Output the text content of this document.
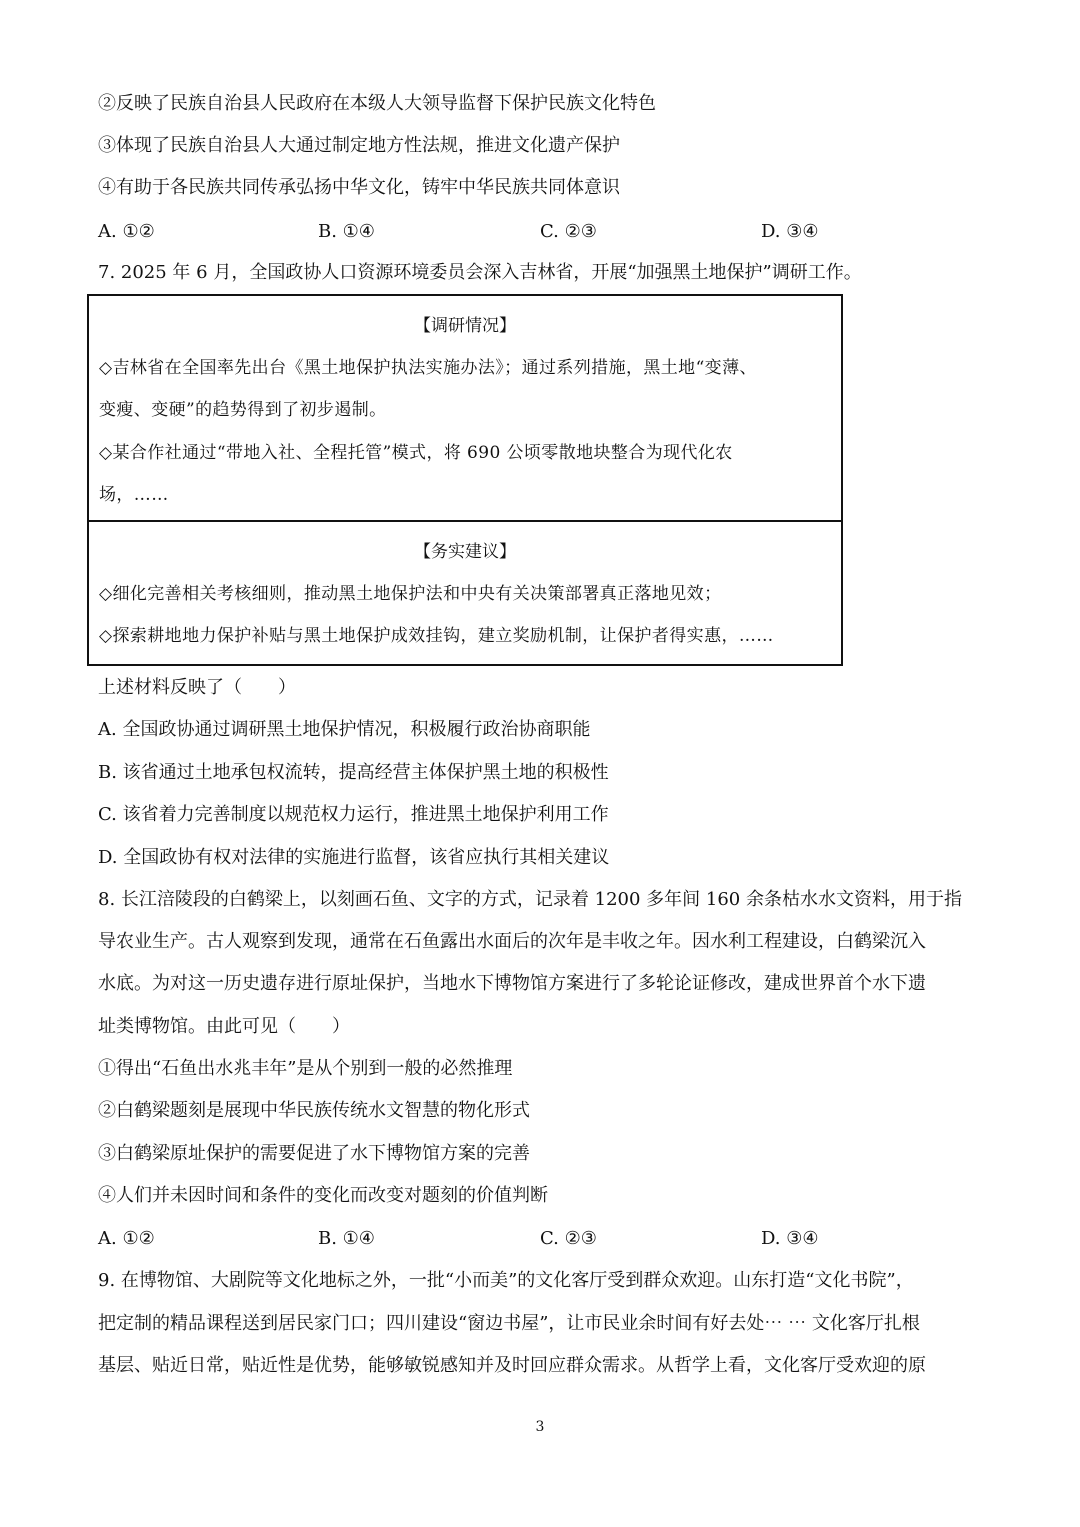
②反映了民族自治县人民政府在本级人大领导监督下保护民族文化特色
③体现了民族自治县人大通过制定地方性法规，推进文化遗产保护
④有助于各民族共同传承弘扬中华文化，铸牢中华民族共同体意识
A. ①②	B. ①④	C. ②③	D. ③④
7. 2025 年 6 月，全国政协人口资源环境委员会深入吉林省，开展“加强黑土地保护”调研工作。
【调研情况】
◇吉林省在全国率先出台《黑土地保护执法实施办法》；通过系列措施，黑土地“变薄、
变瘦、变硬”的趋势得到了初步遏制。
◇某合作社通过“带地入社、全程托管”模式，将 690 公顷零散地块整合为现代化农
场，……
【务实建议】
◇细化完善相关考核细则，推动黑土地保护法和中央有关决策部署真正落地见效；
◇探索耕地地力保护补贴与黑土地保护成效挂钩，建立奖励机制，让保护者得实惠，……
上述材料反映了（　　）
A. 全国政协通过调研黑土地保护情况，积极履行政治协商职能
B. 该省通过土地承包权流转，提高经营主体保护黑土地的积极性
C. 该省着力完善制度以规范权力运行，推进黑土地保护利用工作
D. 全国政协有权对法律的实施进行监督，该省应执行其相关建议
8. 长江涪陵段的白鹤梁上，以刻画石鱼、文字的方式，记录着 1200 多年间 160 余条枯水水文资料，用于指
导农业生产。古人观察到发现，通常在石鱼露出水面后的次年是丰收之年。因水利工程建设，白鹤梁沉入
水底。为对这一历史遗存进行原址保护，当地水下博物馆方案进行了多轮论证修改，建成世界首个水下遗
址类博物馆。由此可见（　　）
①得出“石鱼出水兆丰年”是从个别到一般的必然推理
②白鹤梁题刻是展现中华民族传统水文智慧的物化形式
③白鹤梁原址保护的需要促进了水下博物馆方案的完善
④人们并未因时间和条件的变化而改变对题刻的价值判断
A. ①②	B. ①④	C. ②③	D. ③④
9. 在博物馆、大剧院等文化地标之外，一批“小而美”的文化客厅受到群众欢迎。山东打造“文化书院”，
把定制的精品课程送到居民家门口；四川建设“窗边书屋”，让市民业余时间有好去处⋯ ⋯ 文化客厅扎根
基层、贴近日常，贴近性是优势，能够敏锐感知并及时回应群众需求。从哲学上看，文化客厅受欢迎的原
3
